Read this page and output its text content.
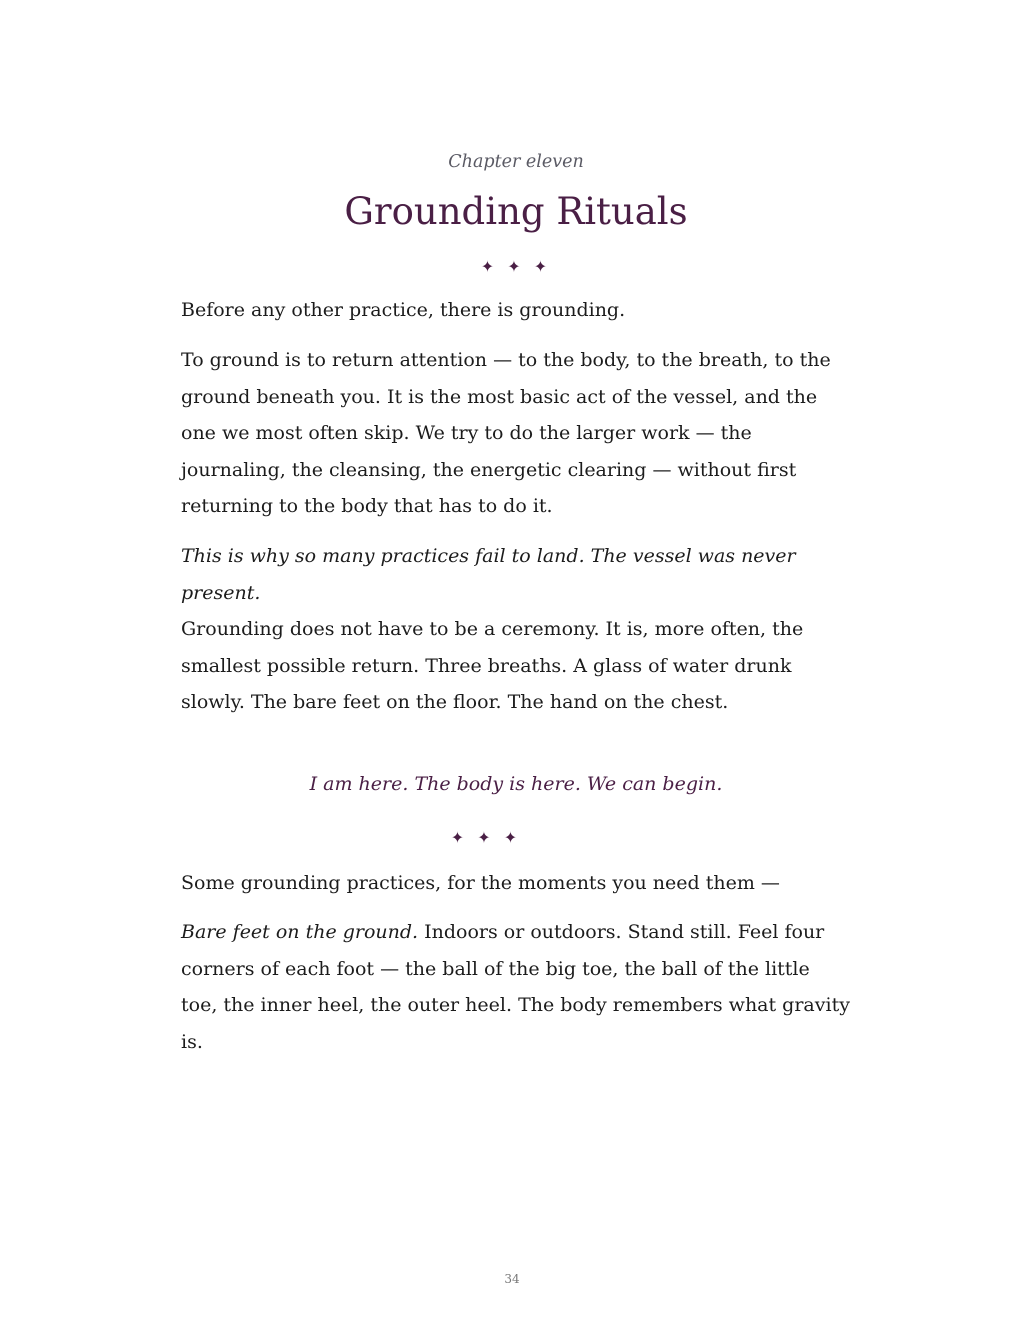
Chapter eleven
Grounding Rituals
✦ ✦ ✦

Before any other practice, there is grounding.

To ground is to return attention — to the body, to the breath, to the ground beneath you. It is the most basic act of the vessel, and the one we most often skip. We try to do the larger work — the journaling, the cleansing, the energetic clearing — without first returning to the body that has to do it.

This is why so many practices fail to land. The vessel was never present.

Grounding does not have to be a ceremony. It is, more often, the smallest possible return. Three breaths. A glass of water drunk slowly. The bare feet on the floor. The hand on the chest.

I am here. The body is here. We can begin.

✦ ✦ ✦

Some grounding practices, for the moments you need them —

Bare feet on the ground. Indoors or outdoors. Stand still. Feel four corners of each foot — the ball of the big toe, the ball of the little toe, the inner heel, the outer heel. The body remembers what gravity is.

34
